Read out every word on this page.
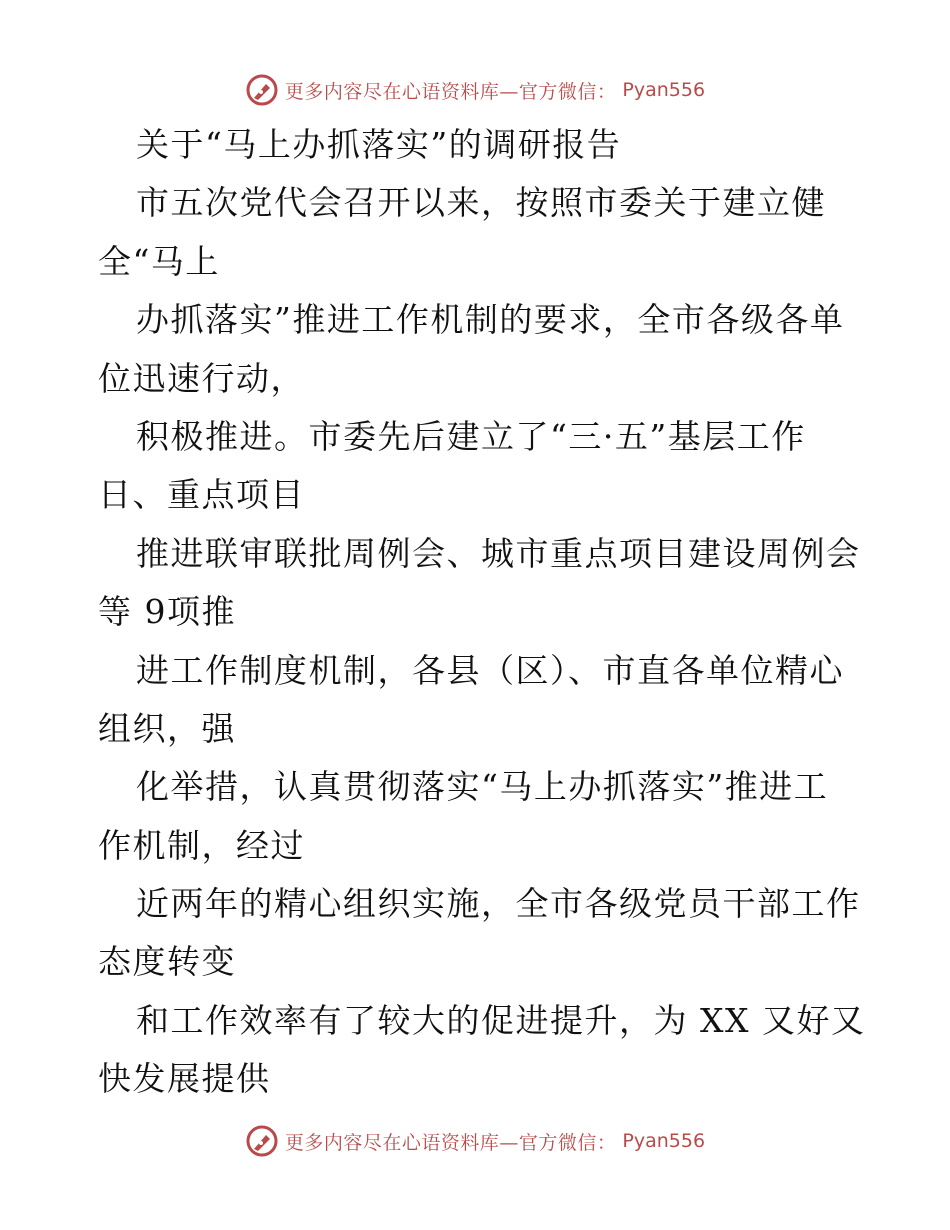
更多内容尽在心语资料库—官方微信： Pyan556
关于“马上办抓落实”的调研报告
市五次党代会召开以来，按照市委关于建立健
全“马上
办抓落实”推进工作机制的要求，全市各级各单
位迅速行动，
积极推进。市委先后建立了“三·五”基层工作
日、重点项目
推进联审联批周例会、城市重点项目建设周例会
等 9项推
进工作制度机制，各县（区）、市直各单位精心
组织，强
化举措，认真贯彻落实“马上办抓落实”推进工
作机制，经过
近两年的精心组织实施，全市各级党员干部工作
态度转变
和工作效率有了较大的促进提升，为 XX 又好又
快发展提供
更多内容尽在心语资料库—官方微信： Pyan556
